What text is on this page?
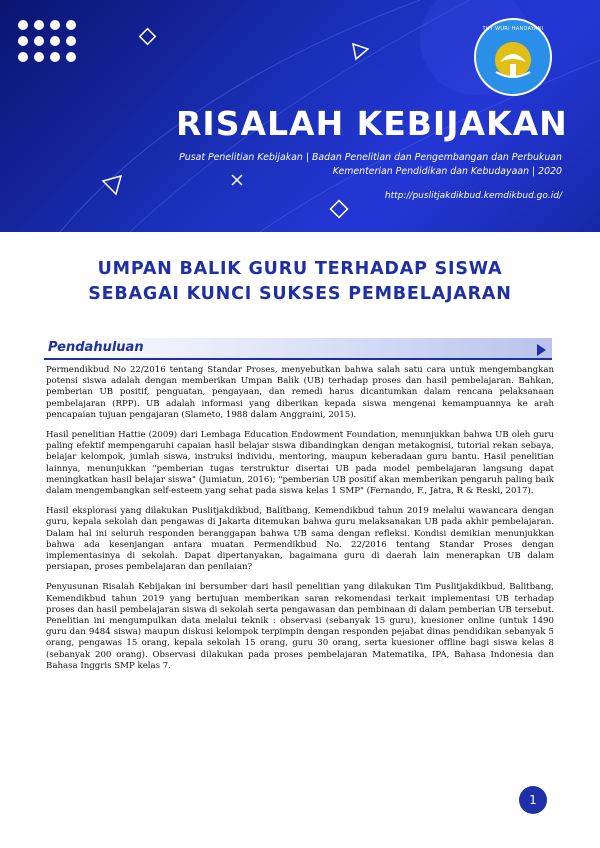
TUT WURI HANDAYANI
RISALAH KEBIJAKAN
Pusat Penelitian Kebijakan | Badan Penelitian dan Pengembangan dan Perbukuan Kementerian Pendidikan dan Kebudayaan | 2020
http://puslitjakdikbud.kemdikbud.go.id/
UMPAN BALIK GURU TERHADAP SISWA
SEBAGAI KUNCI SUKSES PEMBELAJARAN
Pendahuluan

Permendikbud No 22/2016 tentang Standar Proses, menyebutkan bahwa salah satu cara untuk mengembangkan potensi siswa adalah dengan memberikan Umpan Balik (UB) terhadap proses dan hasil pembelajaran. Bahkan, pemberian UB positif, penguatan, pengayaan, dan remedi harus dicantumkan dalam rencana pelaksanaan pembelajaran (RPP). UB adalah informasi yang diberikan kepada siswa mengenai kemampuannya ke arah pencapaian tujuan pengajaran (Slameto, 1988 dalam Anggraini, 2015).

Hasil penelitian Hattie (2009) dari Lembaga Education Endowment Foundation, menunjukkan bahwa UB oleh guru paling efektif mempengaruhi capaian hasil belajar siswa dibandingkan dengan metakognisi, tutorial rekan sebaya, belajar kelompok, jumlah siswa, instruksi individu, mentoring, maupun keberadaan guru bantu. Hasil penelitian lainnya, menunjukkan "pemberian tugas terstruktur disertai UB pada model pembelajaran langsung dapat meningkatkan hasil belajar siswa" (Jumiatun, 2016); "pemberian UB positif akan memberikan pengaruh paling baik dalam mengembangkan self-esteem yang sehat pada siswa kelas 1 SMP" (Fernando, F., Jatra, R & Reski, 2017).

Hasil eksplorasi yang dilakukan Puslitjakdikbud, Balitbang, Kemendikbud tahun 2019 melalui wawancara dengan guru, kepala sekolah dan pengawas di Jakarta ditemukan bahwa guru melaksanakan UB pada akhir pembelajaran. Dalam hal ini seluruh responden beranggapan bahwa UB sama dengan refleksi. Kondisi demikian menunjukkan bahwa ada kesenjangan antara muatan Permendikbud No. 22/2016 tentang Standar Proses dengan implementasinya di sekolah. Dapat dipertanyakan, bagaimana guru di daerah lain menerapkan UB dalam persiapan, proses pembelajaran dan penilaian?

Penyusunan Risalah Kebijakan ini bersumber dari hasil penelitian yang dilakukan Tim Puslitjakdikbud, Balitbang, Kemendikbud tahun 2019 yang bertujuan memberikan saran rekomendasi terkait implementasi UB terhadap proses dan hasil pembelajaran siswa di sekolah serta pengawasan dan pembinaan di dalam pemberian UB tersebut. Penelitian ini mengumpulkan data melalui teknik : observasi (sebanyak 15 guru), kuesioner online (untuk 1490 guru dan 9484 siswa) maupun diskusi kelompok terpimpin dengan responden pejabat dinas pendidikan sebanyak 5 orang, pengawas 15 orang, kepala sekolah 15 orang, guru 30 orang, serta kuesioner offline bagi siswa kelas 8 (sebanyak 200 orang). Observasi dilakukan pada proses pembelajaran Matematika, IPA, Bahasa Indonesia dan Bahasa Inggris SMP kelas 7.

1
